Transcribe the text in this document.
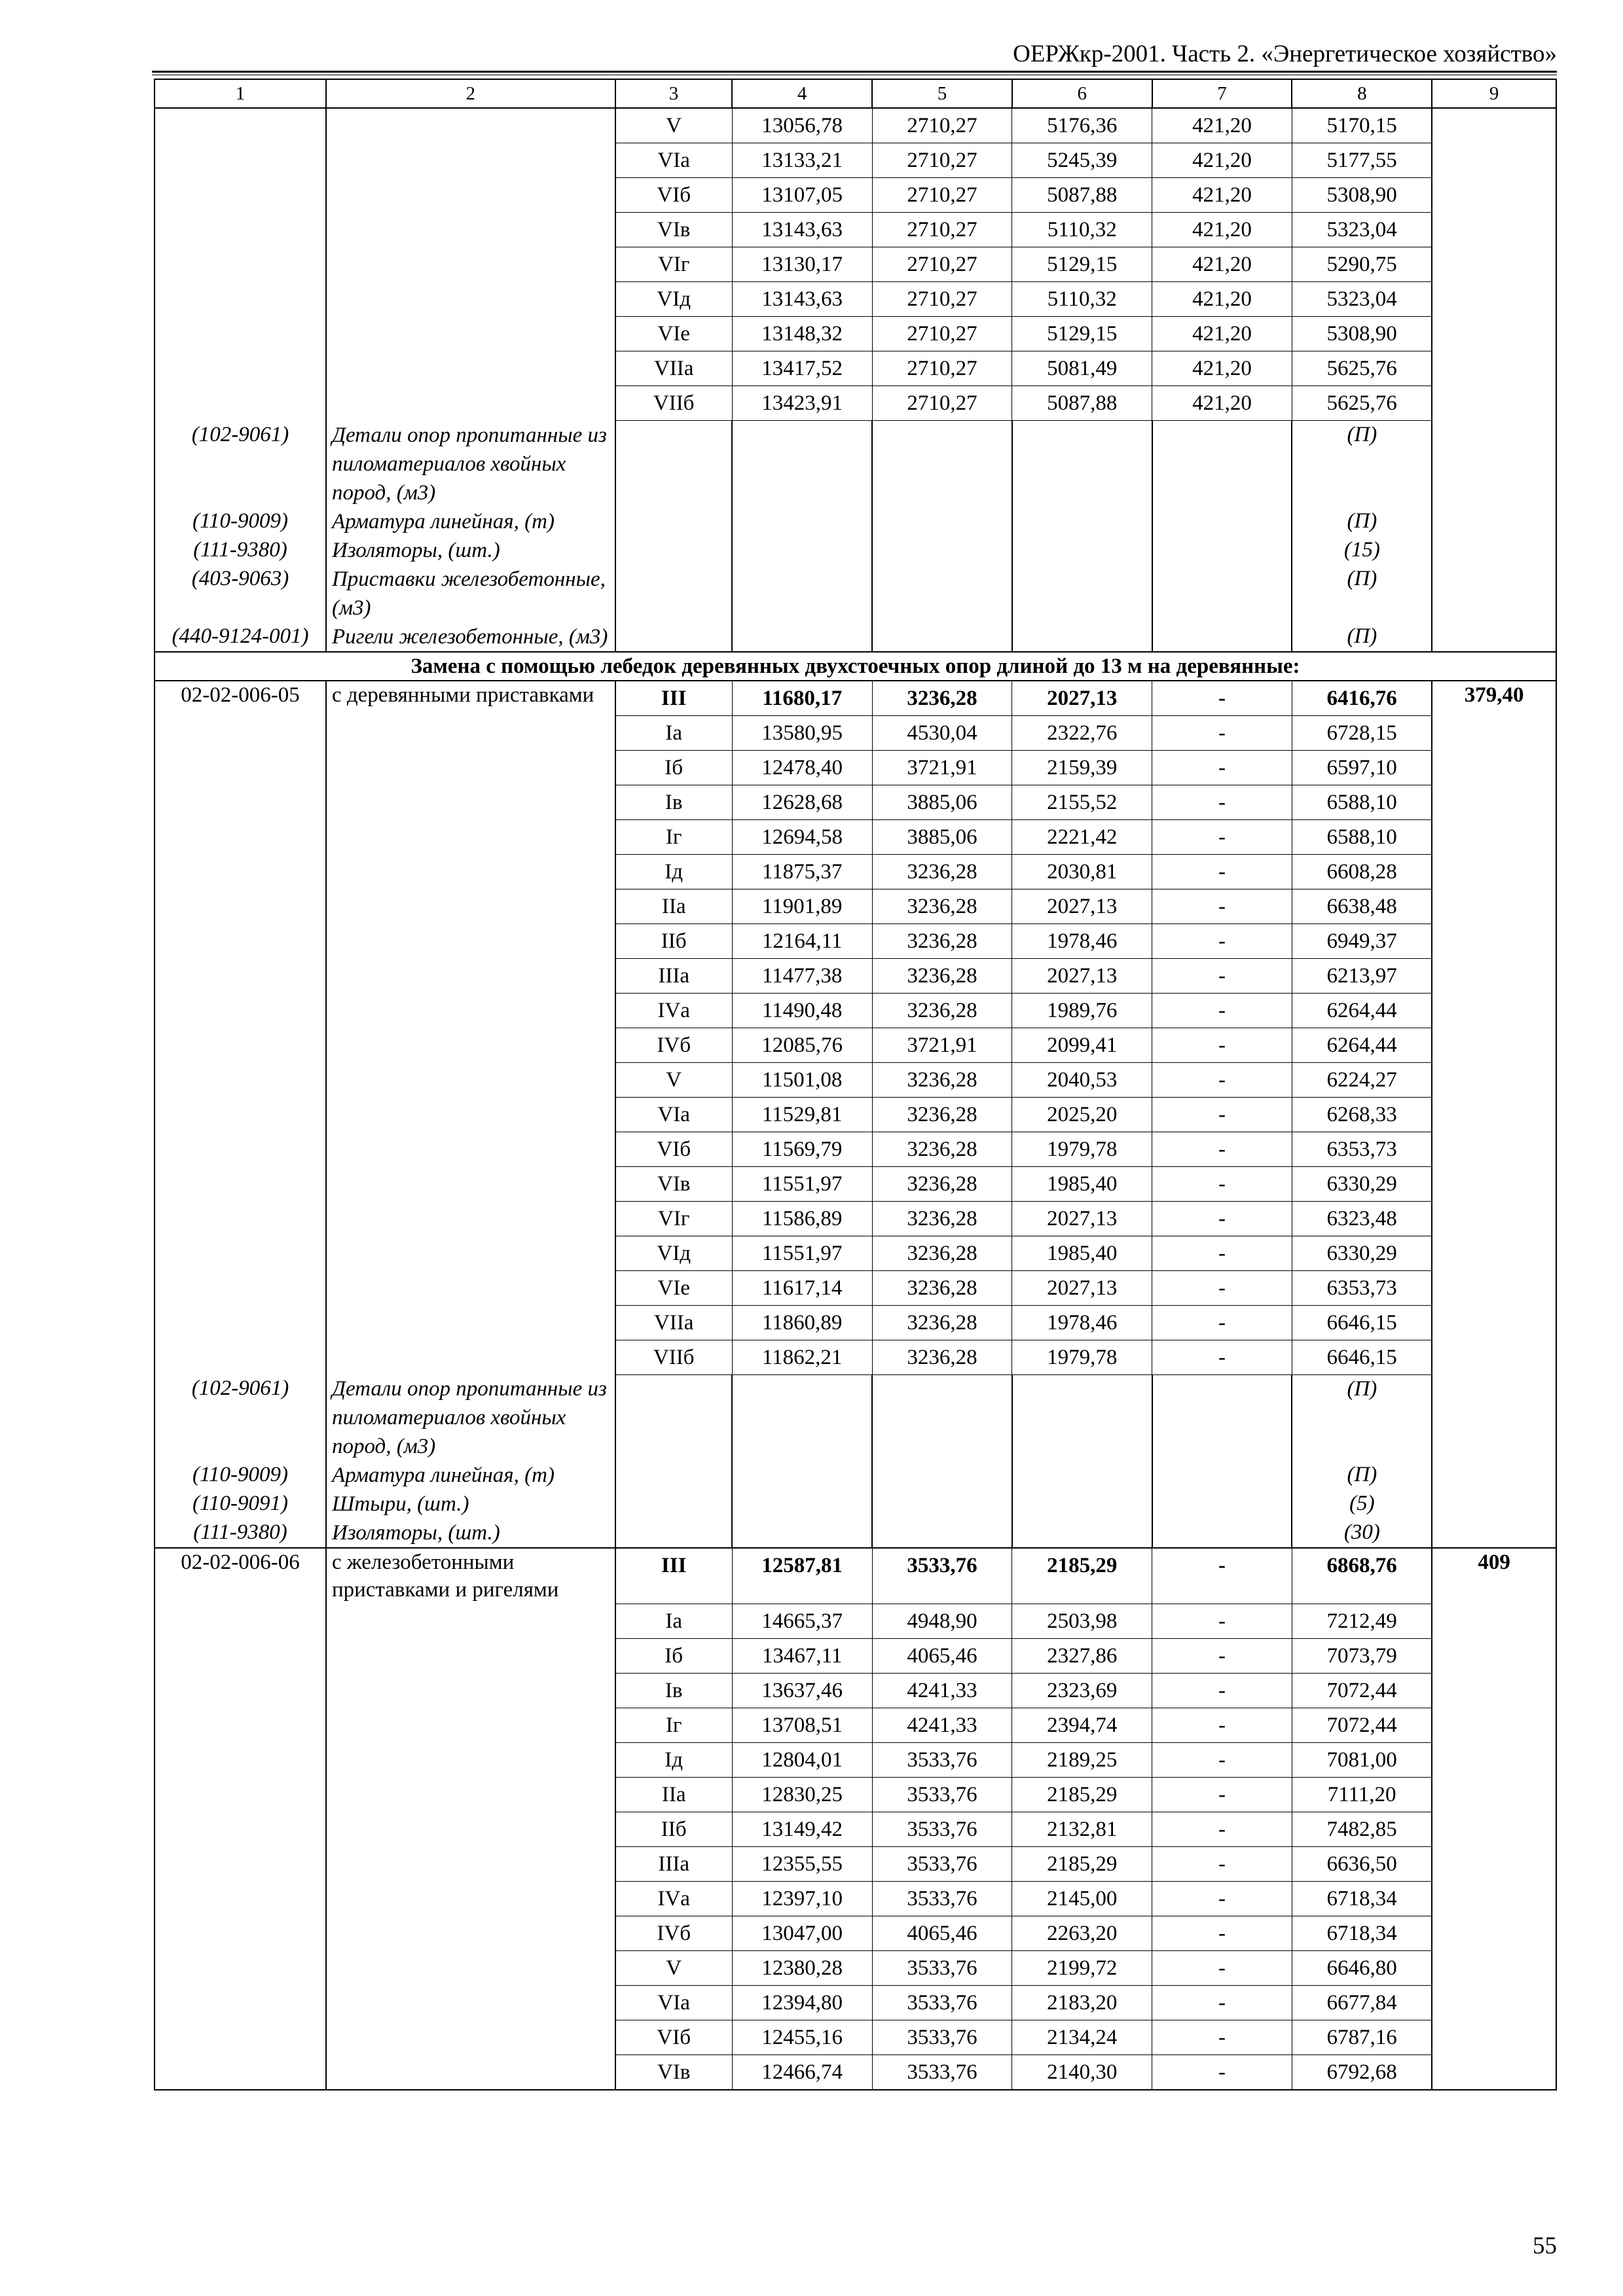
ОЕРЖкр-2001. Часть 2. «Энергетическое хозяйство»
1	2	3	4	5	6	7	8	9
		V	13056,78	2710,27	5176,36	421,20	5170,15	
		VIа	13133,21	2710,27	5245,39	421,20	5177,55	
		VIб	13107,05	2710,27	5087,88	421,20	5308,90	
		VIв	13143,63	2710,27	5110,32	421,20	5323,04	
		VIг	13130,17	2710,27	5129,15	421,20	5290,75	
		VIд	13143,63	2710,27	5110,32	421,20	5323,04	
		VIе	13148,32	2710,27	5129,15	421,20	5308,90	
		VIIа	13417,52	2710,27	5081,49	421,20	5625,76	
		VIIб	13423,91	2710,27	5087,88	421,20	5625,76	
(102-9061)	Детали опор пропитанные из пиломатериалов хвойных пород, (м3)						(П)	
(110-9009)	Арматура линейная, (т)						(П)	
(111-9380)	Изоляторы, (шт.)						(15)	
(403-9063)	Приставки железобетонные, (м3)						(П)	
(440-9124-001)	Ригели железобетонные, (м3)						(П)	
Замена с помощью лебедок деревянных двухстоечных опор длиной до 13 м на деревянные:								
02-02-006-05	с деревянными приставками	III	11680,17	3236,28	2027,13	-	6416,76	379,40
		Iа	13580,95	4530,04	2322,76	-	6728,15	
		Iб	12478,40	3721,91	2159,39	-	6597,10	
		Iв	12628,68	3885,06	2155,52	-	6588,10	
		Iг	12694,58	3885,06	2221,42	-	6588,10	
		Iд	11875,37	3236,28	2030,81	-	6608,28	
		IIа	11901,89	3236,28	2027,13	-	6638,48	
		IIб	12164,11	3236,28	1978,46	-	6949,37	
		IIIа	11477,38	3236,28	2027,13	-	6213,97	
		IVа	11490,48	3236,28	1989,76	-	6264,44	
		IVб	12085,76	3721,91	2099,41	-	6264,44	
		V	11501,08	3236,28	2040,53	-	6224,27	
		VIа	11529,81	3236,28	2025,20	-	6268,33	
		VIб	11569,79	3236,28	1979,78	-	6353,73	
		VIв	11551,97	3236,28	1985,40	-	6330,29	
		VIг	11586,89	3236,28	2027,13	-	6323,48	
		VIд	11551,97	3236,28	1985,40	-	6330,29	
		VIе	11617,14	3236,28	2027,13	-	6353,73	
		VIIа	11860,89	3236,28	1978,46	-	6646,15	
		VIIб	11862,21	3236,28	1979,78	-	6646,15	
(102-9061)	Детали опор пропитанные из пиломатериалов хвойных пород, (м3)						(П)	
(110-9009)	Арматура линейная, (т)						(П)	
(110-9091)	Штыри, (шт.)						(5)	
(111-9380)	Изоляторы, (шт.)						(30)	
02-02-006-06	с железобетонными приставками и ригелями	III	12587,81	3533,76	2185,29	-	6868,76	409
		Iа	14665,37	4948,90	2503,98	-	7212,49	
		Iб	13467,11	4065,46	2327,86	-	7073,79	
		Iв	13637,46	4241,33	2323,69	-	7072,44	
		Iг	13708,51	4241,33	2394,74	-	7072,44	
		Iд	12804,01	3533,76	2189,25	-	7081,00	
		IIа	12830,25	3533,76	2185,29	-	7111,20	
		IIб	13149,42	3533,76	2132,81	-	7482,85	
		IIIа	12355,55	3533,76	2185,29	-	6636,50	
		IVа	12397,10	3533,76	2145,00	-	6718,34	
		IVб	13047,00	4065,46	2263,20	-	6718,34	
		V	12380,28	3533,76	2199,72	-	6646,80	
		VIа	12394,80	3533,76	2183,20	-	6677,84	
		VIб	12455,16	3533,76	2134,24	-	6787,16	
		VIв	12466,74	3533,76	2140,30	-	6792,68	
55
